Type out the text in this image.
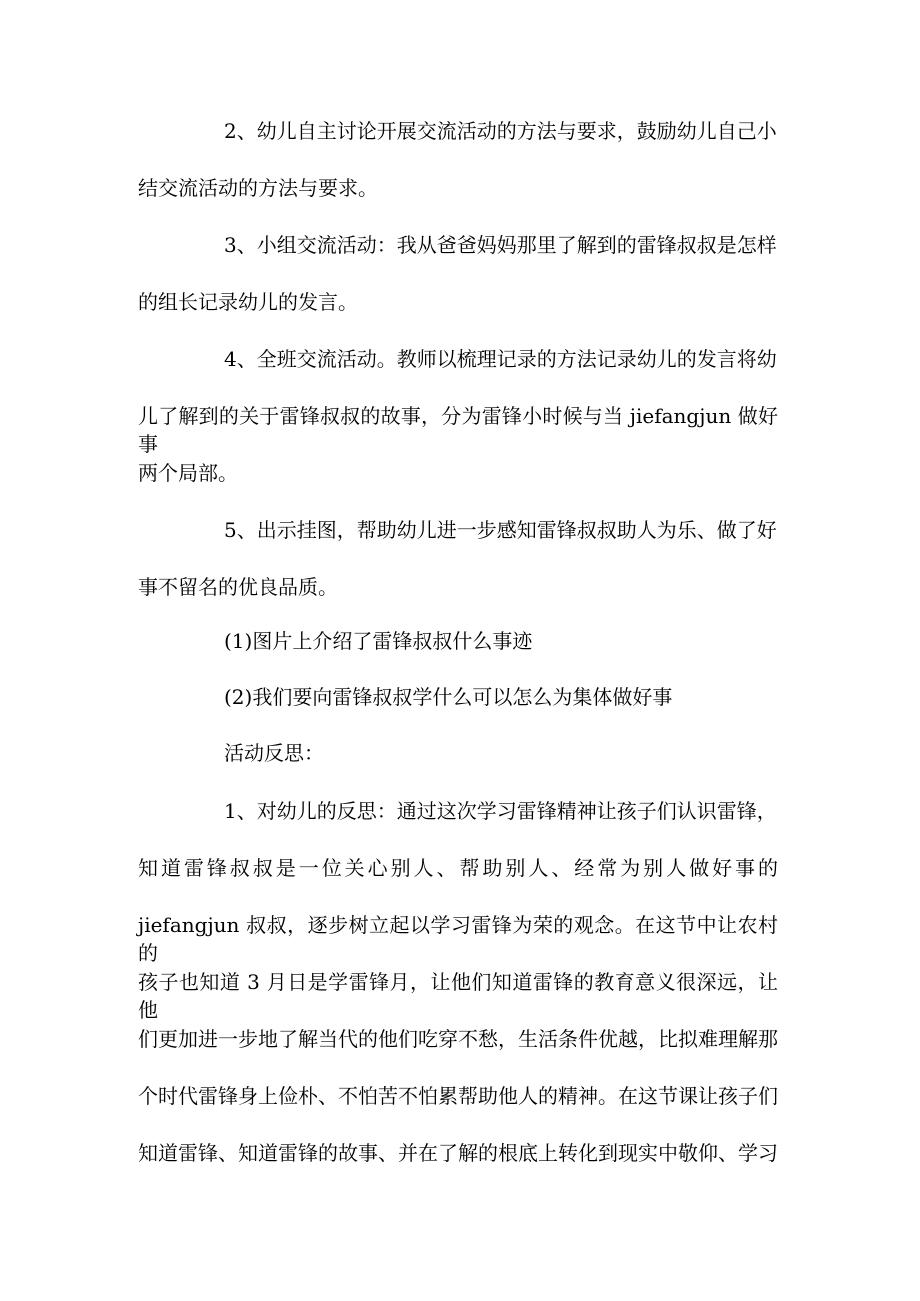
2、幼儿自主讨论开展交流活动的方法与要求，鼓励幼儿自己小
结交流活动的方法与要求。
3、小组交流活动：我从爸爸妈妈那里了解到的雷锋叔叔是怎样
的组长记录幼儿的发言。
4、全班交流活动。教师以梳理记录的方法记录幼儿的发言将幼
儿了解到的关于雷锋叔叔的故事，分为雷锋小时候与当 jiefangjun 做好事
两个局部。
5、出示挂图，帮助幼儿进一步感知雷锋叔叔助人为乐、做了好
事不留名的优良品质。
(1)图片上介绍了雷锋叔叔什么事迹
(2)我们要向雷锋叔叔学什么可以怎么为集体做好事
活动反思：
1、对幼儿的反思：通过这次学习雷锋精神让孩子们认识雷锋，
知道雷锋叔叔是一位关心别人、帮助别人、经常为别人做好事的
jiefangjun 叔叔，逐步树立起以学习雷锋为荣的观念。在这节中让农村的
孩子也知道 3 月日是学雷锋月，让他们知道雷锋的教育意义很深远，让他
们更加进一步地了解当代的他们吃穿不愁，生活条件优越，比拟难理解那
个时代雷锋身上俭朴、不怕苦不怕累帮助他人的精神。在这节课让孩子们
知道雷锋、知道雷锋的故事、并在了解的根底上转化到现实中敬仰、学习
